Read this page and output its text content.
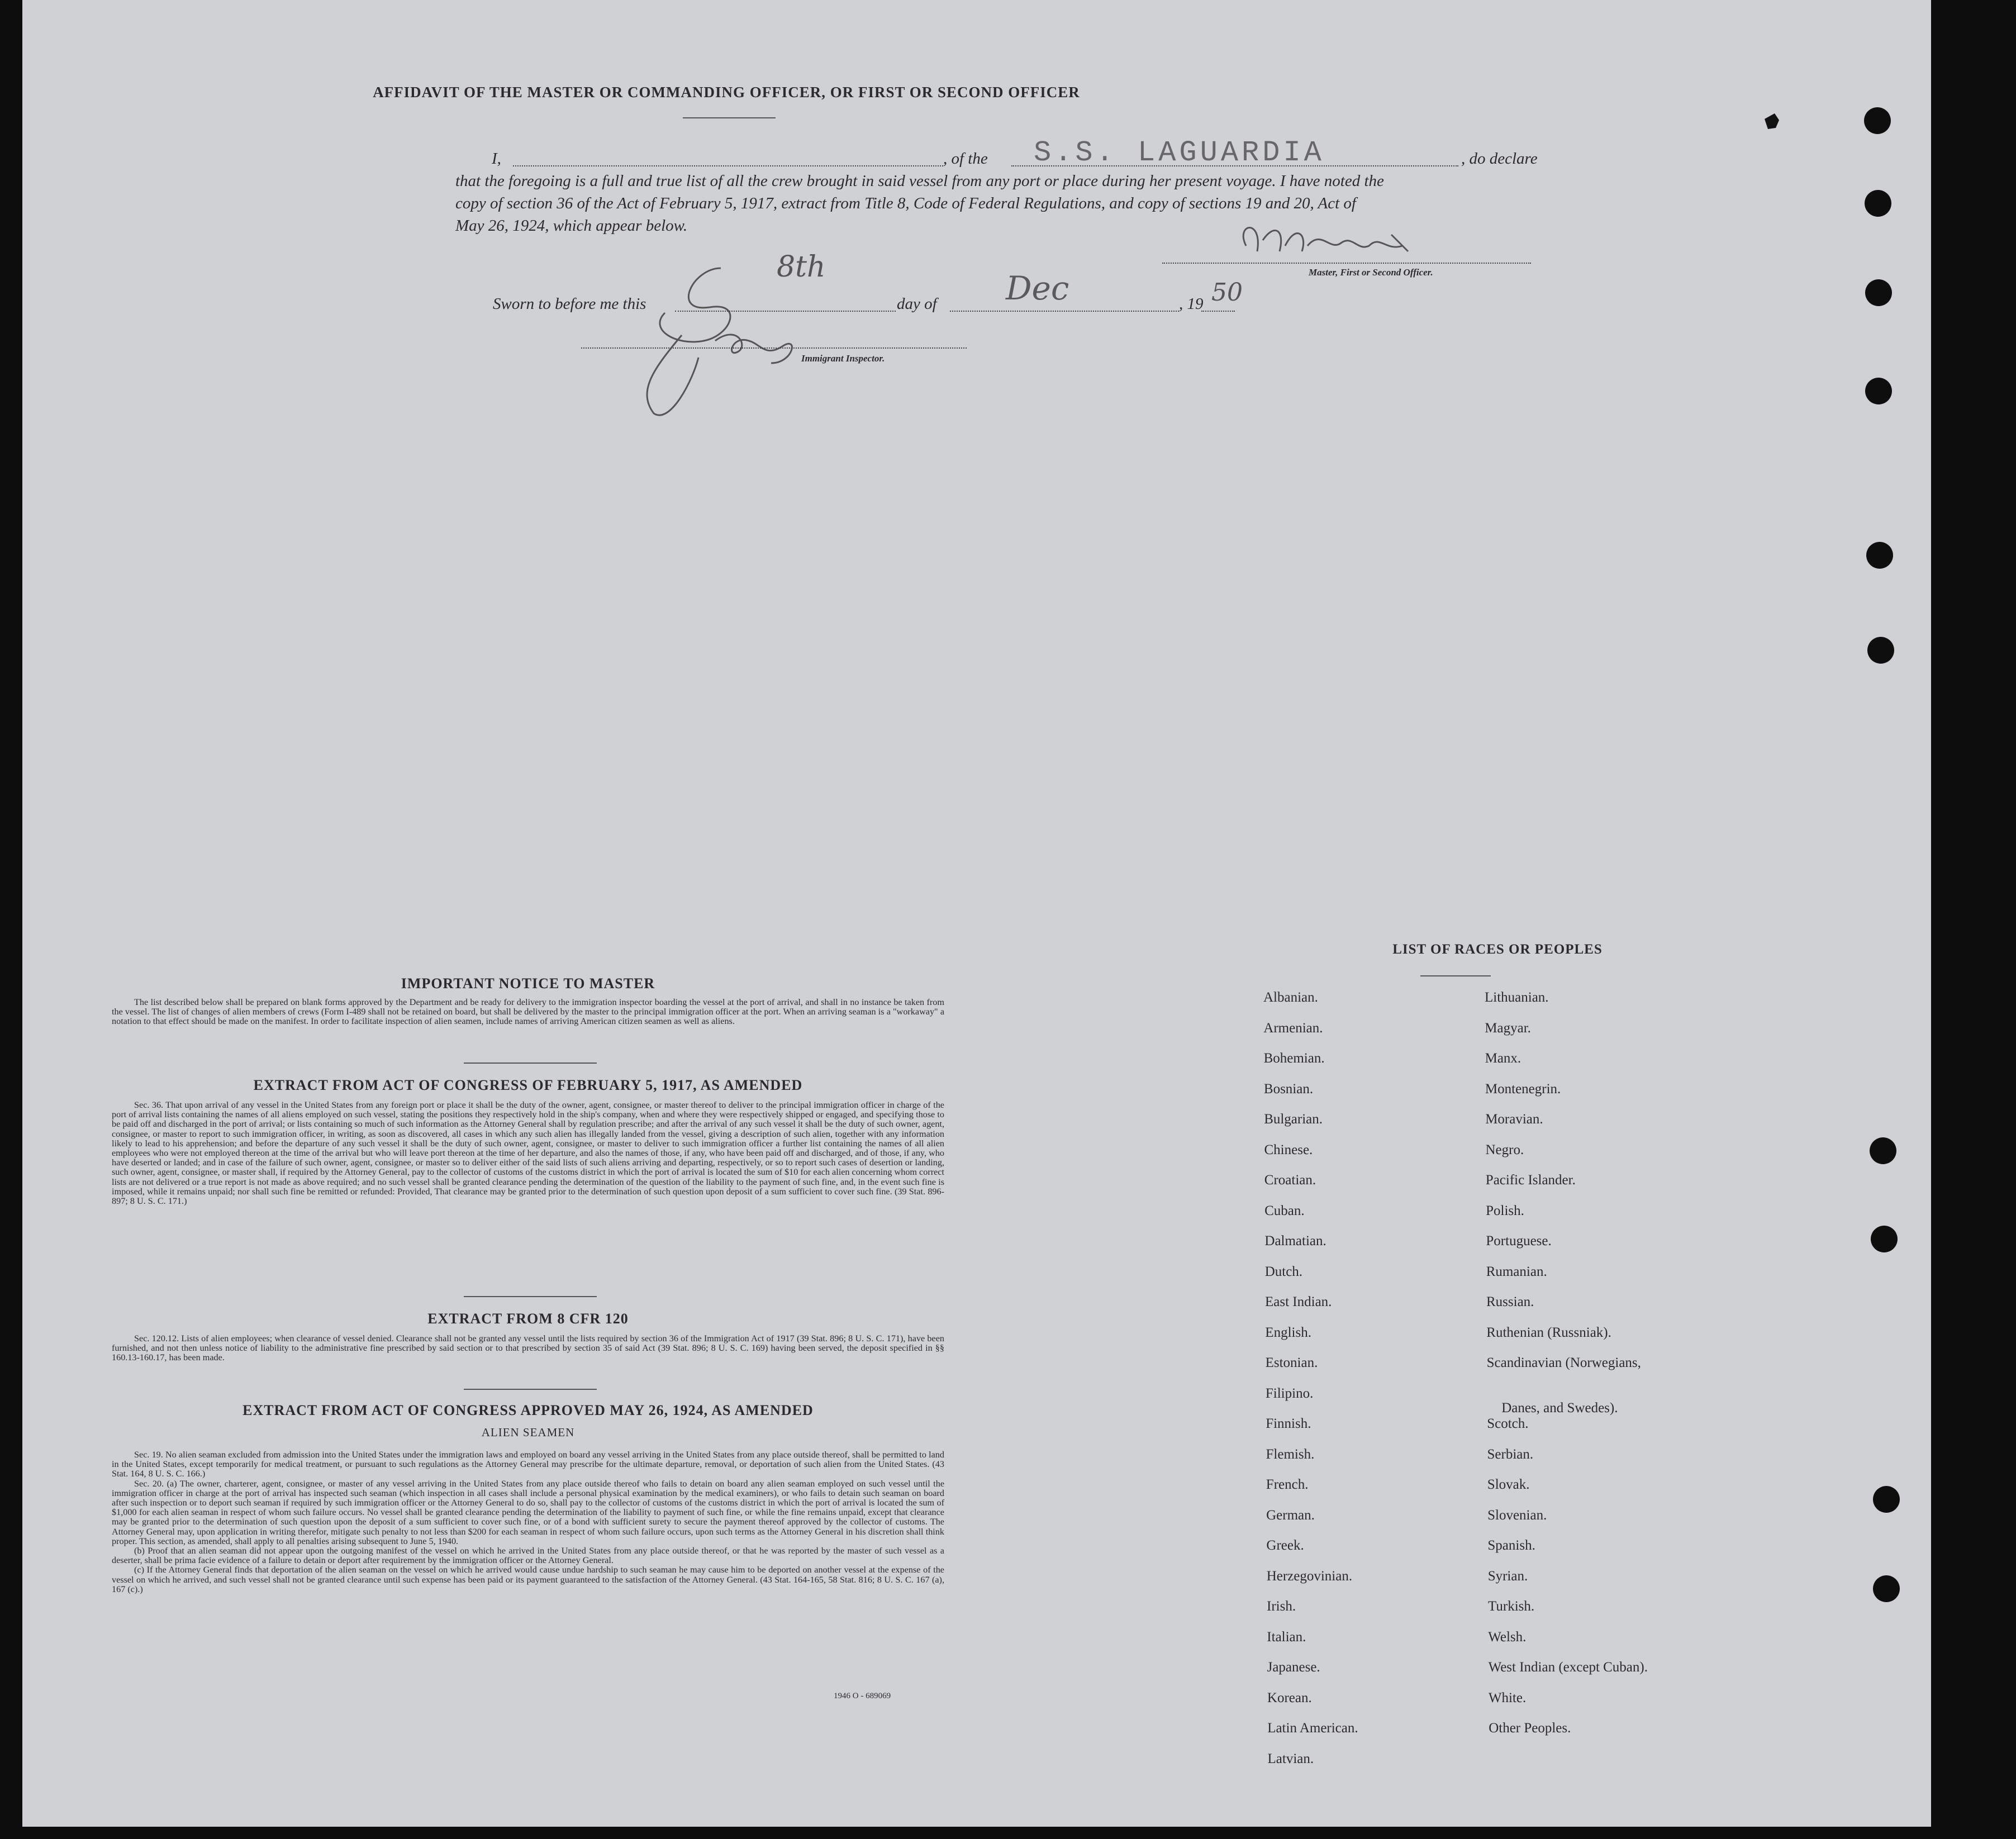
AFFIDAVIT OF THE MASTER OR COMMANDING OFFICER, OR FIRST OR SECOND OFFICER
I,	, of the S.S. LAGUARDIA	, do declare
that the foregoing is a full and true list of all the crew brought in said vessel from any port or place during her present voyage. I have noted the
copy of section 36 of the Act of February 5, 1917, extract from Title 8, Code of Federal Regulations, and copy of sections 19 and 20, Act of
May 26, 1924, which appear below.
Master, First or Second Officer.
Sworn to before me this
8th
day of Dec	, 19 50
Immigrant Inspector.
IMPORTANT NOTICE TO MASTER

The list described below shall be prepared on blank forms approved by the Department and be ready for delivery to the immigration inspector boarding the vessel at the port of arrival, and shall in no instance be taken from the vessel. The list of changes of alien members of crews (Form I-489 shall not be retained on board, but shall be delivered by the master to the principal immigration officer at the port. When an arriving seaman is a "workaway" a notation to that effect should be made on the manifest. In order to facilitate inspection of alien seamen, include names of arriving American citizen seamen as well as aliens.

EXTRACT FROM ACT OF CONGRESS OF FEBRUARY 5, 1917, AS AMENDED

Sec. 36. That upon arrival of any vessel in the United States from any foreign port or place it shall be the duty of the owner, agent, consignee, or master thereof to deliver to the principal immigration officer in charge of the port of arrival lists containing the names of all aliens employed on such vessel, stating the positions they respectively hold in the ship's company, when and where they were respectively shipped or engaged, and specifying those to be paid off and discharged in the port of arrival; or lists containing so much of such information as the Attorney General shall by regulation prescribe; and after the arrival of any such vessel it shall be the duty of such owner, agent, consignee, or master to report to such immigration officer, in writing, as soon as discovered, all cases in which any such alien has illegally landed from the vessel, giving a description of such alien, together with any information likely to lead to his apprehension; and before the departure of any such vessel it shall be the duty of such owner, agent, consignee, or master to deliver to such immigration officer a further list containing the names of all alien employees who were not employed thereon at the time of the arrival but who will leave port thereon at the time of her departure, and also the names of those, if any, who have been paid off and discharged, and of those, if any, who have deserted or landed; and in case of the failure of such owner, agent, consignee, or master so to deliver either of the said lists of such aliens arriving and departing, respectively, or so to report such cases of desertion or landing, such owner, agent, consignee, or master shall, if required by the Attorney General, pay to the collector of customs of the customs district in which the port of arrival is located the sum of $10 for each alien concerning whom correct lists are not delivered or a true report is not made as above required; and no such vessel shall be granted clearance pending the determination of the question of the liability to the payment of such fine, and, in the event such fine is imposed, while it remains unpaid; nor shall such fine be remitted or refunded: Provided, That clearance may be granted prior to the determination of such question upon deposit of a sum sufficient to cover such fine. (39 Stat. 896-897; 8 U. S. C. 171.)

EXTRACT FROM 8 CFR 120

Sec. 120.12. Lists of alien employees; when clearance of vessel denied. Clearance shall not be granted any vessel until the lists required by section 36 of the Immigration Act of 1917 (39 Stat. 896; 8 U. S. C. 171), have been furnished, and not then unless notice of liability to the administrative fine prescribed by said section or to that prescribed by section 35 of said Act (39 Stat. 896; 8 U. S. C. 169) having been served, the deposit specified in §§ 160.13-160.17, has been made.

EXTRACT FROM ACT OF CONGRESS APPROVED MAY 26, 1924, AS AMENDED
ALIEN SEAMEN

Sec. 19. No alien seaman excluded from admission into the United States under the immigration laws and employed on board any vessel arriving in the United States from any place outside thereof, shall be permitted to land in the United States, except temporarily for medical treatment, or pursuant to such regulations as the Attorney General may prescribe for the ultimate departure, removal, or deportation of such alien from the United States. (43 Stat. 164, 8 U. S. C. 166.)

Sec. 20. (a) The owner, charterer, agent, consignee, or master of any vessel arriving in the United States from any place outside thereof who fails to detain on board any alien seaman employed on such vessel until the immigration officer in charge at the port of arrival has inspected such seaman (which inspection in all cases shall include a personal physical examination by the medical examiners), or who fails to detain such seaman on board after such inspection or to deport such seaman if required by such immigration officer or the Attorney General to do so, shall pay to the collector of customs of the customs district in which the port of arrival is located the sum of $1,000 for each alien seaman in respect of whom such failure occurs. No vessel shall be granted clearance pending the determination of the liability to payment of such fine, or while the fine remains unpaid, except that clearance may be granted prior to the determination of such question upon the deposit of a sum sufficient to cover such fine, or of a bond with sufficient surety to secure the payment thereof approved by the collector of customs. The Attorney General may, upon application in writing therefor, mitigate such penalty to not less than $200 for each seaman in respect of whom such failure occurs, upon such terms as the Attorney General in his discretion shall think proper. This section, as amended, shall apply to all penalties arising subsequent to June 5, 1940.

(b) Proof that an alien seaman did not appear upon the outgoing manifest of the vessel on which he arrived in the United States from any place outside thereof, or that he was reported by the master of such vessel as a deserter, shall be prima facie evidence of a failure to detain or deport after requirement by the immigration officer or the Attorney General.

(c) If the Attorney General finds that deportation of the alien seaman on the vessel on which he arrived would cause undue hardship to such seaman he may cause him to be deported on another vessel at the expense of the vessel on which he arrived, and such vessel shall not be granted clearance until such expense has been paid or its payment guaranteed to the satisfaction of the Attorney General. (43 Stat. 164-165, 58 Stat. 816; 8 U. S. C. 167 (a), 167 (c).)

1946 O - 689069
LIST OF RACES OR PEOPLES
Albanian.
Armenian.
Bohemian.
Bosnian.
Bulgarian.
Chinese.
Croatian.
Cuban.
Dalmatian.
Dutch.
East Indian.
English.
Estonian.
Filipino.
Finnish.
Flemish.
French.
German.
Greek.
Herzegovinian.
Irish.
Italian.
Japanese.
Korean.
Latin American.
Latvian.
Lithuanian.
Magyar.
Manx.
Montenegrin.
Moravian.
Negro.
Pacific Islander.
Polish.
Portuguese.
Rumanian.
Russian.
Ruthenian (Russniak).
Scandinavian (Norwegians,
Danes, and Swedes).
Scotch.
Serbian.
Slovak.
Slovenian.
Spanish.
Syrian.
Turkish.
Welsh.
West Indian (except Cuban).
White.
Other Peoples.
